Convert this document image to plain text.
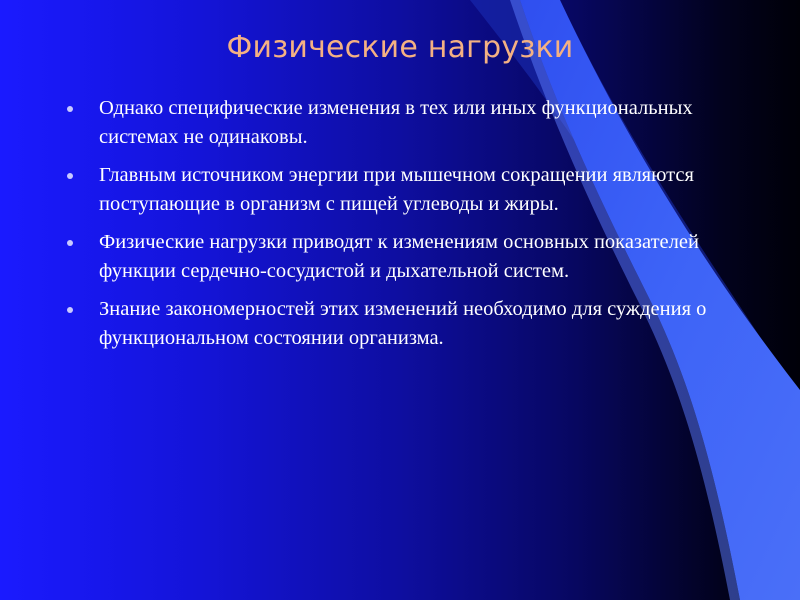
Физические нагрузки
Однако специфические изменения в тех или иных функциональных системах не одинаковы.
Главным источником энергии при мышечном сокращении являются поступающие в организм с пищей углеводы и жиры.
Физические нагрузки приводят к изменениям основных показателей функции сердечно-сосудистой и дыхательной систем.
Знание закономерностей этих изменений необходимо для суждения о функциональном состоянии организма.
